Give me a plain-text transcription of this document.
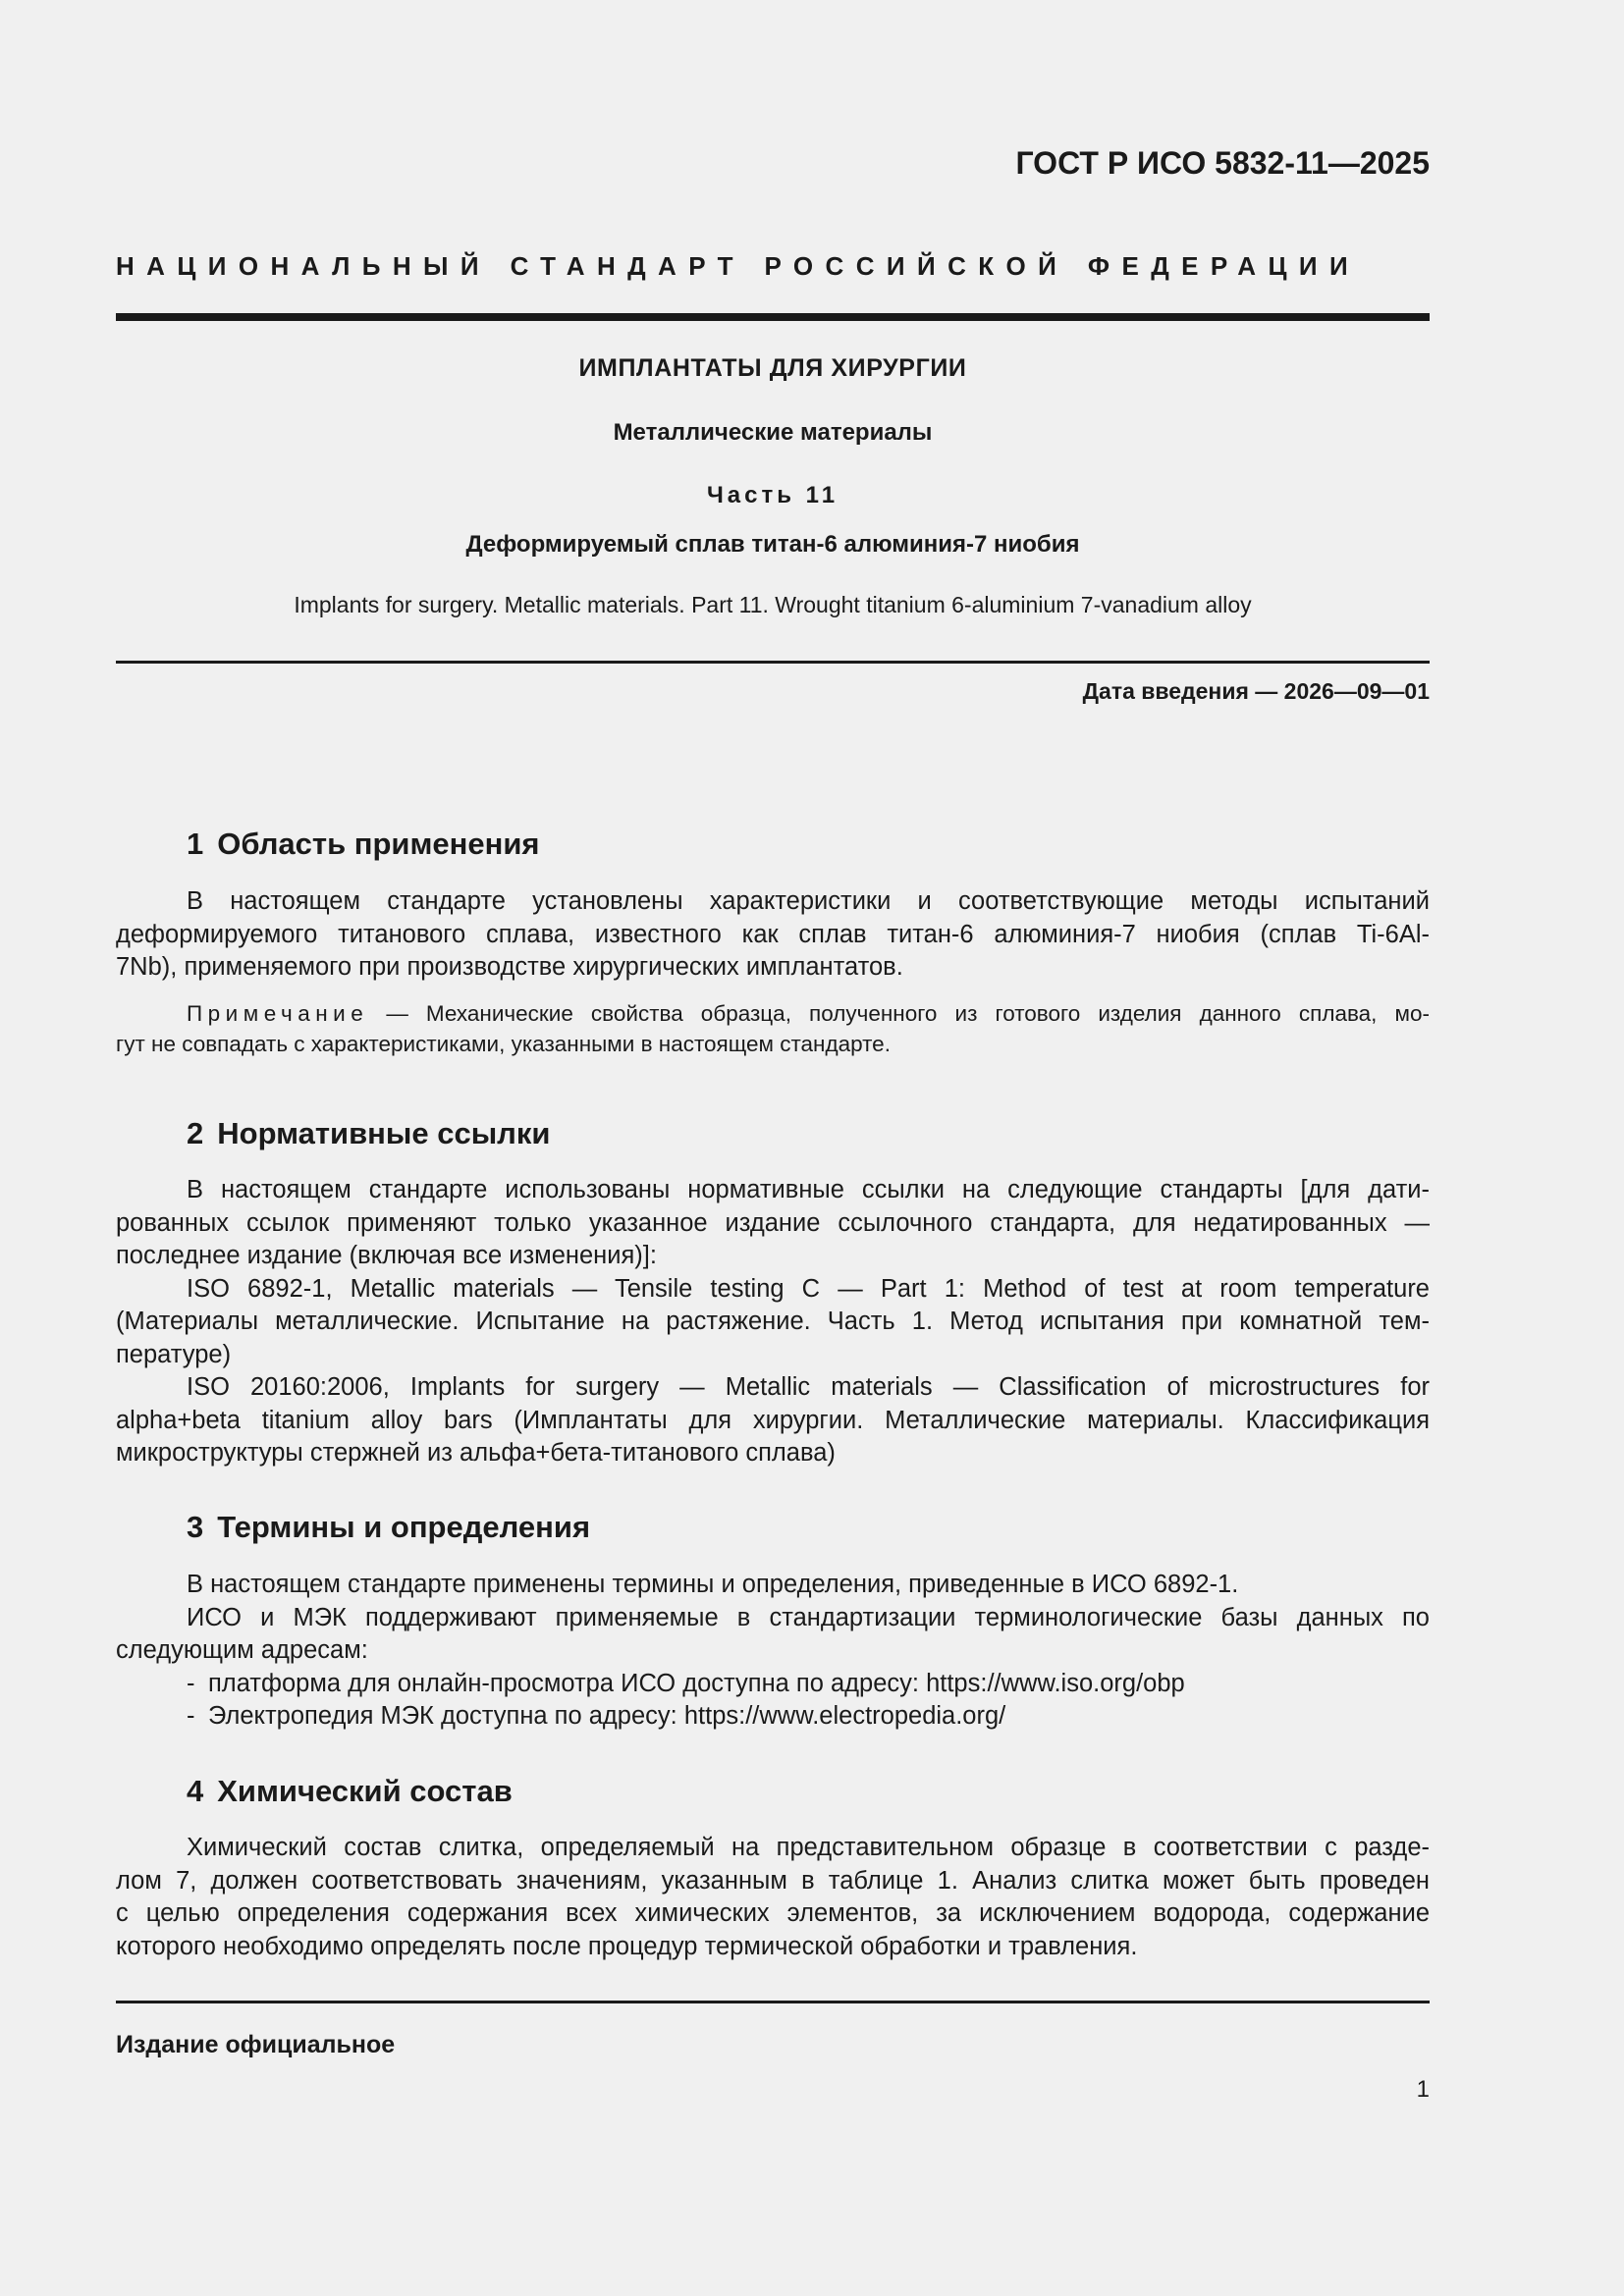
ГОСТ Р ИСО 5832-11—2025
НАЦИОНАЛЬНЫЙ СТАНДАРТ РОССИЙСКОЙ ФЕДЕРАЦИИ
ИМПЛАНТАТЫ ДЛЯ ХИРУРГИИ
Металлические материалы
Часть 11
Деформируемый сплав титан-6 алюминия-7 ниобия
Implants for surgery. Metallic materials. Part 11. Wrought titanium 6-aluminium 7-vanadium alloy
Дата введения — 2026—09—01
1 Область применения
В настоящем стандарте установлены характеристики и соответствующие методы испытаний
деформируемого титанового сплава, известного как сплав титан-6 алюминия-7 ниобия (сплав Ti-6Al-
7Nb), применяемого при производстве хирургических имплантатов.
Примечание — Механические свойства образца, полученного из готового изделия данного сплава, мо-
гут не совпадать с характеристиками, указанными в настоящем стандарте.
2 Нормативные ссылки
В настоящем стандарте использованы нормативные ссылки на следующие стандарты [для дати-
рованных ссылок применяют только указанное издание ссылочного стандарта, для недатированных —
последнее издание (включая все изменения)]:
ISO 6892-1, Metallic materials — Tensile testing C — Part 1: Method of test at room temperature
(Материалы металлические. Испытание на растяжение. Часть 1. Метод испытания при комнатной тем-
пературе)
ISO 20160:2006, Implants for surgery — Metallic materials — Classification of microstructures for
alpha+beta titanium alloy bars (Имплантаты для хирургии. Металлические материалы. Классификация
микроструктуры стержней из альфа+бета-титанового сплава)
3 Термины и определения
В настоящем стандарте применены термины и определения, приведенные в ИСО 6892-1.
ИСО и МЭК поддерживают применяемые в стандартизации терминологические базы данных по
следующим адресам:
- платформа для онлайн-просмотра ИСО доступна по адресу: https://www.iso.org/obp
- Электропедия МЭК доступна по адресу: https://www.electropedia.org/
4 Химический состав
Химический состав слитка, определяемый на представительном образце в соответствии с разде-
лом 7, должен соответствовать значениям, указанным в таблице 1. Анализ слитка может быть проведен
с целью определения содержания всех химических элементов, за исключением водорода, содержание
которого необходимо определять после процедур термической обработки и травления.
Издание официальное
1
